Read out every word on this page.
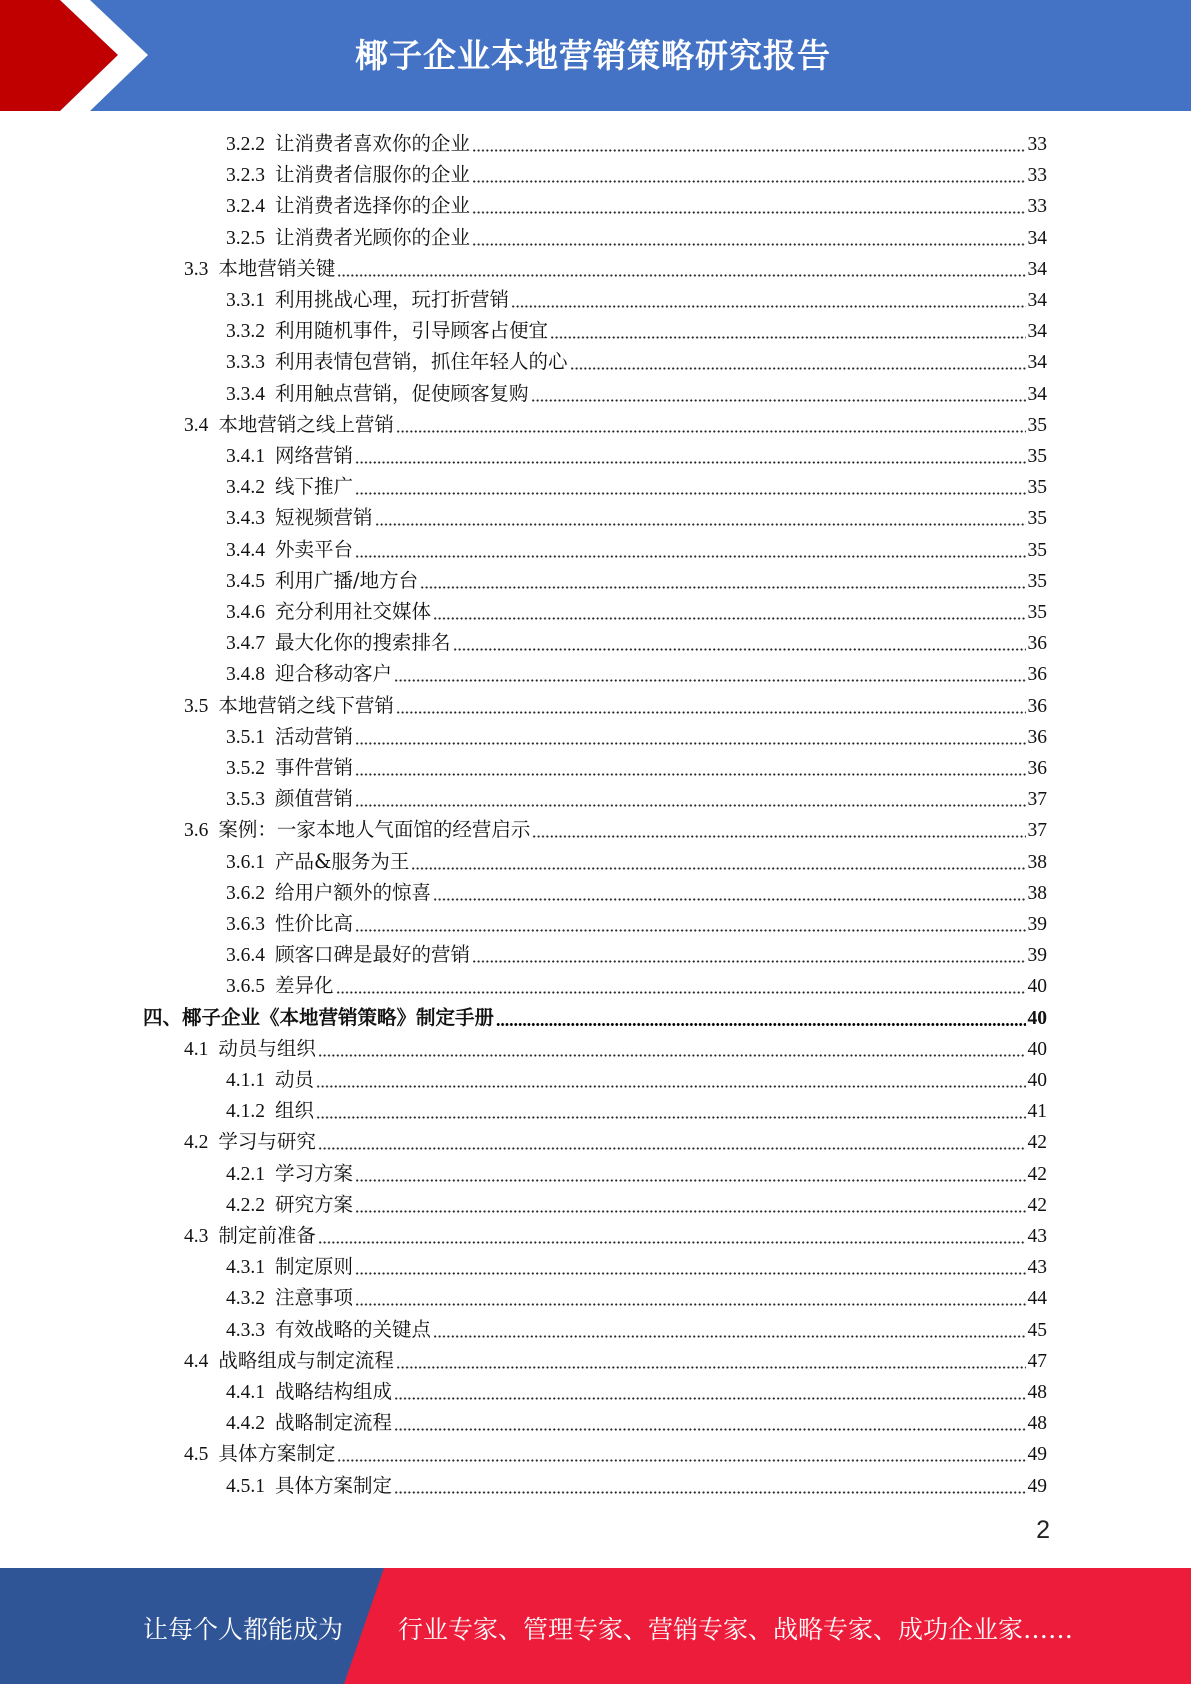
椰子企业本地营销策略研究报告
3.2.2 让消费者喜欢你的企业	33
3.2.3 让消费者信服你的企业	33
3.2.4 让消费者选择你的企业	33
3.2.5 让消费者光顾你的企业	34
3.3 本地营销关键	34
3.3.1 利用挑战心理，玩打折营销	34
3.3.2 利用随机事件，引导顾客占便宜	34
3.3.3 利用表情包营销，抓住年轻人的心	34
3.3.4 利用触点营销，促使顾客复购	34
3.4 本地营销之线上营销	35
3.4.1 网络营销	35
3.4.2 线下推广	35
3.4.3 短视频营销	35
3.4.4 外卖平台	35
3.4.5 利用广播/地方台	35
3.4.6 充分利用社交媒体	35
3.4.7 最大化你的搜索排名	36
3.4.8 迎合移动客户	36
3.5 本地营销之线下营销	36
3.5.1 活动营销	36
3.5.2 事件营销	36
3.5.3 颜值营销	37
3.6 案例：一家本地人气面馆的经营启示	37
3.6.1 产品&服务为王	38
3.6.2 给用户额外的惊喜	38
3.6.3 性价比高	39
3.6.4 顾客口碑是最好的营销	39
3.6.5 差异化	40
四、椰子企业《本地营销策略》制定手册	40
4.1 动员与组织	40
4.1.1 动员	40
4.1.2 组织	41
4.2 学习与研究	42
4.2.1 学习方案	42
4.2.2 研究方案	42
4.3 制定前准备	43
4.3.1 制定原则	43
4.3.2 注意事项	44
4.3.3 有效战略的关键点	45
4.4 战略组成与制定流程	47
4.4.1 战略结构组成	48
4.4.2 战略制定流程	48
4.5 具体方案制定	49
4.5.1 具体方案制定	49
2
让每个人都能成为 行业专家、管理专家、营销专家、战略专家、成功企业家……
